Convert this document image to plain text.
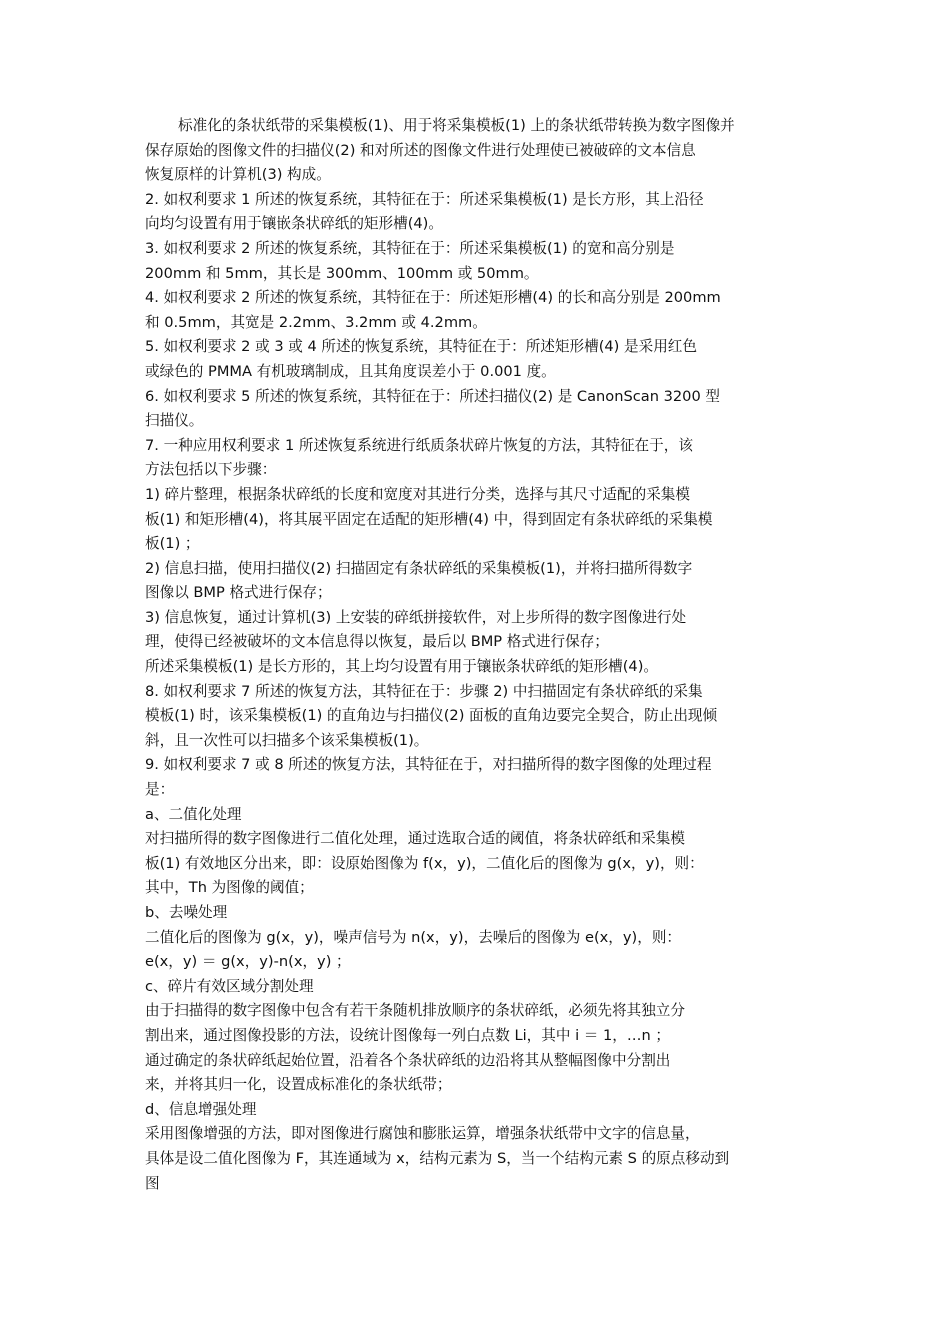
标准化的条状纸带的采集模板(1)、用于将采集模板(1) 上的条状纸带转换为数字图像并
保存原始的图像文件的扫描仪(2) 和对所述的图像文件进行处理使已被破碎的文本信息
恢复原样的计算机(3) 构成。
2. 如权利要求 1 所述的恢复系统，其特征在于：所述采集模板(1) 是长方形，其上沿径
向均匀设置有用于镶嵌条状碎纸的矩形槽(4)。
3. 如权利要求 2 所述的恢复系统，其特征在于：所述采集模板(1) 的宽和高分别是
200mm 和 5mm，其长是 300mm、100mm 或 50mm。
4. 如权利要求 2 所述的恢复系统，其特征在于：所述矩形槽(4) 的长和高分别是 200mm
和 0.5mm，其宽是 2.2mm、3.2mm 或 4.2mm。
5. 如权利要求 2 或 3 或 4 所述的恢复系统，其特征在于：所述矩形槽(4) 是采用红色
或绿色的 PMMA 有机玻璃制成，且其角度误差小于 0.001 度。
6. 如权利要求 5 所述的恢复系统，其特征在于：所述扫描仪(2) 是 CanonScan 3200 型
扫描仪。
7. 一种应用权利要求 1 所述恢复系统进行纸质条状碎片恢复的方法，其特征在于，该
方法包括以下步骤：
1) 碎片整理，根据条状碎纸的长度和宽度对其进行分类，选择与其尺寸适配的采集模
板(1) 和矩形槽(4)，将其展平固定在适配的矩形槽(4) 中，得到固定有条状碎纸的采集模
板(1) ；
2) 信息扫描，使用扫描仪(2) 扫描固定有条状碎纸的采集模板(1)，并将扫描所得数字
图像以 BMP 格式进行保存；
3) 信息恢复，通过计算机(3) 上安装的碎纸拼接软件，对上步所得的数字图像进行处
理，使得已经被破坏的文本信息得以恢复，最后以 BMP 格式进行保存；
所述采集模板(1) 是长方形的，其上均匀设置有用于镶嵌条状碎纸的矩形槽(4)。
8. 如权利要求 7 所述的恢复方法，其特征在于：步骤 2) 中扫描固定有条状碎纸的采集
模板(1) 时，该采集模板(1) 的直角边与扫描仪(2) 面板的直角边要完全契合，防止出现倾
斜，且一次性可以扫描多个该采集模板(1)。
9. 如权利要求 7 或 8 所述的恢复方法，其特征在于，对扫描所得的数字图像的处理过程
是：
a、二值化处理
对扫描所得的数字图像进行二值化处理，通过选取合适的阈值，将条状碎纸和采集模
板(1) 有效地区分出来，即：设原始图像为 f(x，y)，二值化后的图像为 g(x，y)，则：
其中，Th 为图像的阈值；
b、去噪处理
二值化后的图像为 g(x，y)，噪声信号为 n(x，y)，去噪后的图像为 e(x，y)，则：
e(x，y) ＝ g(x，y)-n(x，y) ；
c、碎片有效区域分割处理
由于扫描得的数字图像中包含有若干条随机排放顺序的条状碎纸，必须先将其独立分
割出来，通过图像投影的方法，设统计图像每一列白点数 Li，其中 i ＝ 1，…n ；
通过确定的条状碎纸起始位置，沿着各个条状碎纸的边沿将其从整幅图像中分割出
来，并将其归一化，设置成标准化的条状纸带；
d、信息增强处理
采用图像增强的方法，即对图像进行腐蚀和膨胀运算，增强条状纸带中文字的信息量，
具体是设二值化图像为 F，其连通域为 x，结构元素为 S，当一个结构元素 S 的原点移动到
图
